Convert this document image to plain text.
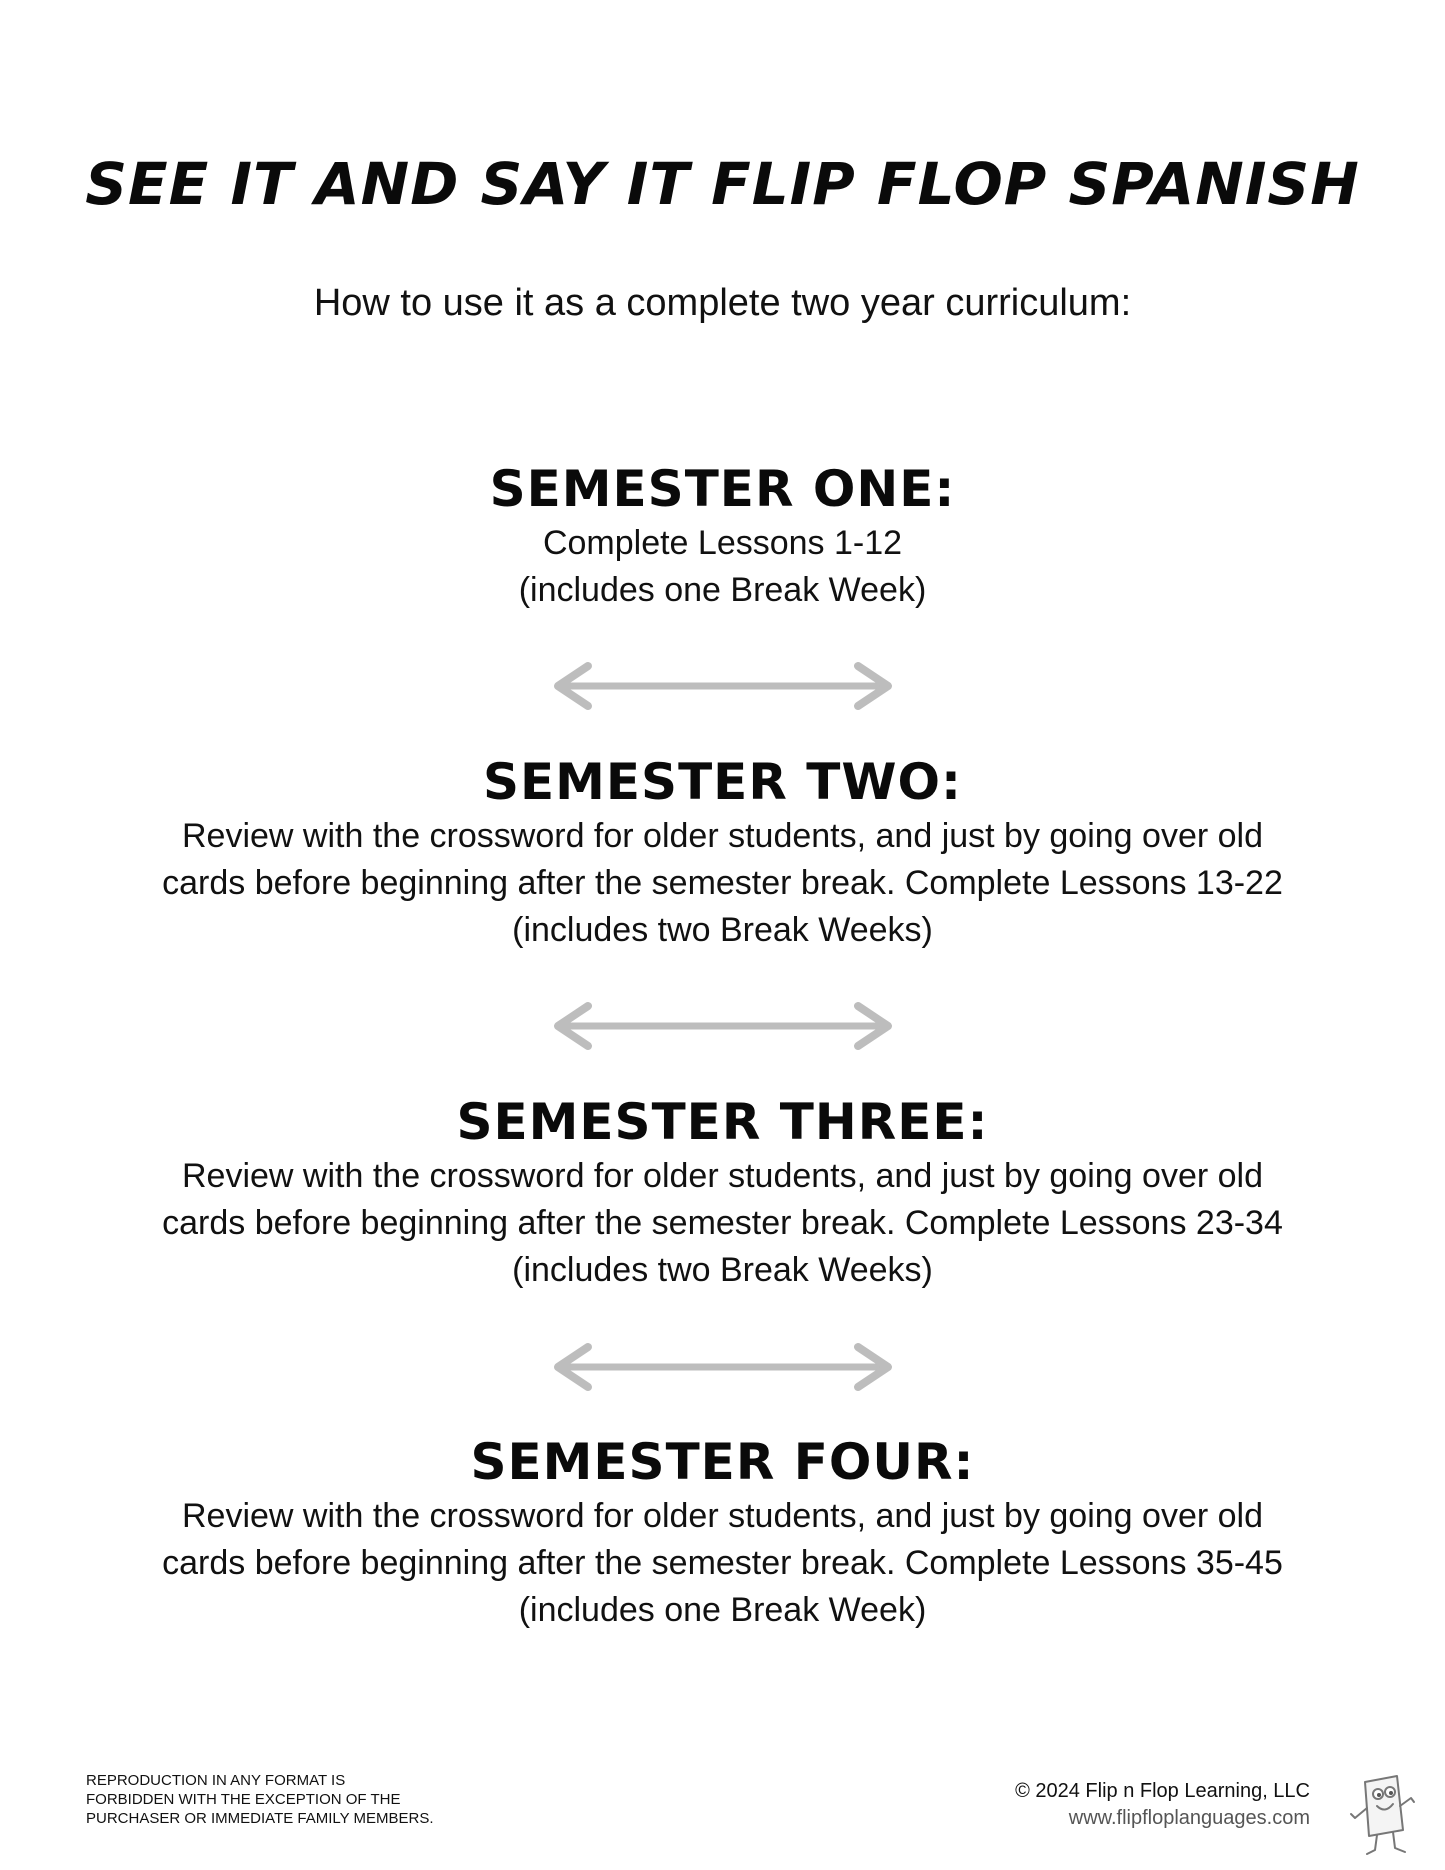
SEE IT AND SAY IT FLIP FLOP SPANISH
How to use it as a complete two year curriculum:
SEMESTER ONE:
Complete Lessons 1-12
(includes one Break Week)
SEMESTER TWO:
Review with the crossword for older students, and just by going over old
cards before beginning after the semester break. Complete Lessons 13-22
(includes two Break Weeks)
SEMESTER THREE:
Review with the crossword for older students, and just by going over old
cards before beginning after the semester break. Complete Lessons 23-34
(includes two Break Weeks)
SEMESTER FOUR:
Review with the crossword for older students, and just by going over old
cards before beginning after the semester break. Complete Lessons 35-45
(includes one Break Week)
REPRODUCTION IN ANY FORMAT IS
FORBIDDEN WITH THE EXCEPTION OF THE
PURCHASER OR IMMEDIATE FAMILY MEMBERS.
© 2024 Flip n Flop Learning, LLC
www.flipfloplanguages.com
